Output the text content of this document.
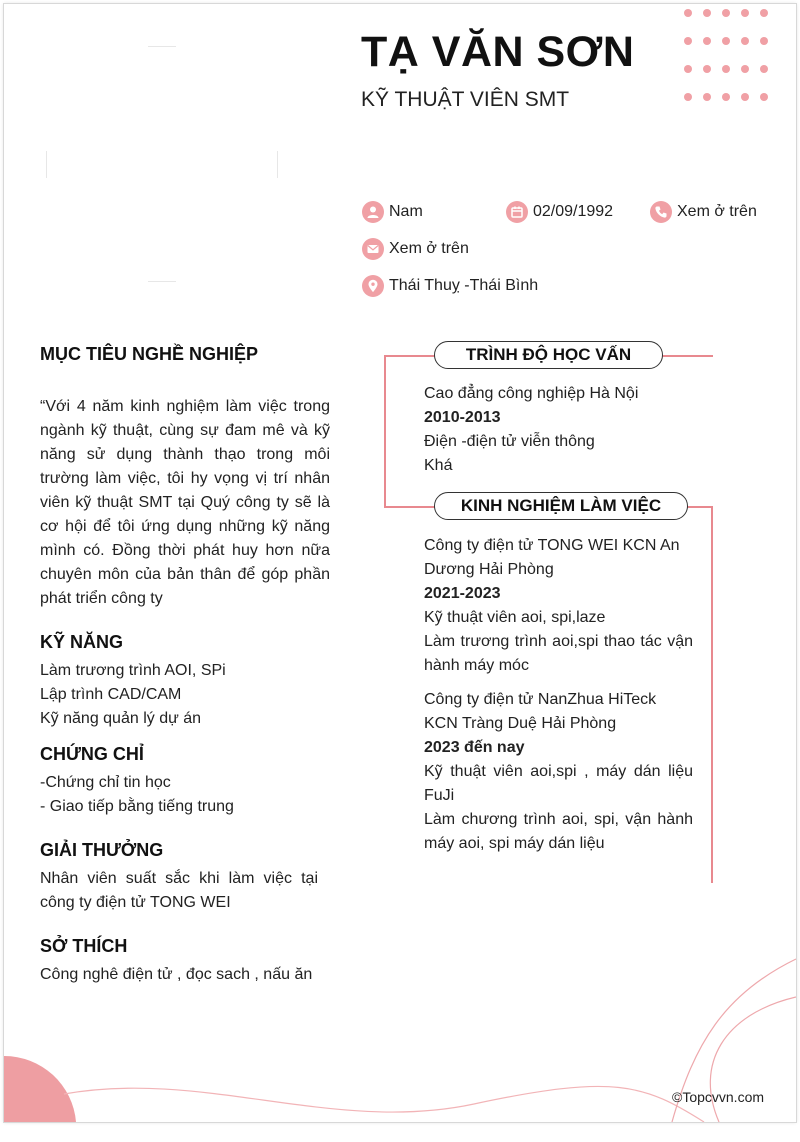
TẠ VĂN SƠN
KỸ THUẬT VIÊN SMT
Nam	02/09/1992	Xem ở trên
Xem ở trên
Thái Thuỵ -Thái Bình
MỤC TIÊU NGHỀ NGHIỆP
“Với 4 năm kinh nghiệm làm việc trong ngành kỹ thuật, cùng sự đam mê và kỹ năng sử dụng thành thạo trong môi trường làm việc, tôi hy vọng vị trí nhân viên kỹ thuật SMT tại Quý công ty sẽ là cơ hội để tôi ứng dụng những kỹ năng mình có. Đồng thời phát huy hơn nữa chuyên môn của bản thân để góp phần phát triển công ty
KỸ NĂNG
Làm trương trình AOI, SPi
Lập trình CAD/CAM
Kỹ năng quản lý dự án
CHỨNG CHỈ
-Chứng chỉ tin học
- Giao tiếp bằng tiếng trung
GIẢI THƯỞNG
Nhân viên suất sắc khi làm việc tại công ty điện tử TONG WEI
SỞ THÍCH
Công nghê điện tử , đọc sach , nấu ăn
TRÌNH ĐỘ HỌC VẤN
Cao đẳng công nghiệp Hà Nội
2010-2013
Điện -điện tử viễn thông
Khá
KINH NGHIỆM LÀM VIỆC
Công ty điện tử TONG WEI KCN An Dương Hải Phòng
2021-2023
Kỹ thuật viên aoi, spi,laze
Làm trương trình aoi,spi thao tác vận hành máy móc
Công ty điện tử NanZhua HiTeck KCN Tràng Duệ Hải Phòng
2023 đến nay
Kỹ thuật viên aoi,spi , máy dán liệu FuJi
Làm chương trình aoi, spi, vận hành máy aoi, spi máy dán liệu
©Topcvvn.com
